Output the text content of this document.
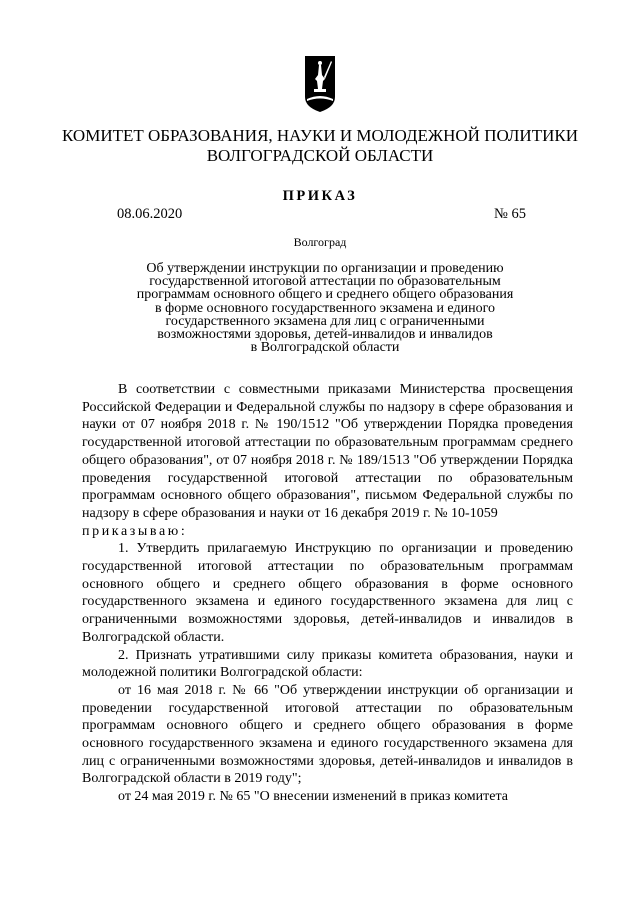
КОМИТЕТ ОБРАЗОВАНИЯ, НАУКИ И МОЛОДЕЖНОЙ ПОЛИТИКИ
ВОЛГОГРАДСКОЙ ОБЛАСТИ
ПРИКАЗ
08.06.2020	№ 65
Волгоград
Об утверждении инструкции по организации и проведению
государственной итоговой аттестации по образовательным
программам основного общего и среднего общего образования
в форме основного государственного экзамена и единого
государственного экзамена для лиц с ограниченными
возможностями здоровья, детей-инвалидов и инвалидов
в Волгоградской области

В соответствии с совместными приказами Министерства просвещения Российской Федерации и Федеральной службы по надзору в сфере образования и науки от 07 ноября 2018 г. № 190/1512 "Об утверждении Порядка проведения государственной итоговой аттестации по образовательным программам среднего общего образования", от 07 ноября 2018 г. № 189/1513 "Об утверждении Порядка проведения государственной итоговой аттестации по образовательным программам основного общего образования", письмом Федеральной службы по надзору в сфере образования и науки от 16 декабря 2019 г. № 10-1059

приказываю:

1. Утвердить прилагаемую Инструкцию по организации и проведению государственной итоговой аттестации по образовательным программам основного общего и среднего общего образования в форме основного государственного экзамена и единого государственного экзамена для лиц с ограниченными возможностями здоровья, детей-инвалидов и инвалидов в Волгоградской области.

2. Признать утратившими силу приказы комитета образования, науки и молодежной политики Волгоградской области:

от 16 мая 2018 г. № 66 "Об утверждении инструкции об организации и проведении государственной итоговой аттестации по образовательным программам основного общего и среднего общего образования в форме основного государственного экзамена и единого государственного экзамена для лиц с ограниченными возможностями здоровья, детей-инвалидов и инвалидов в Волгоградской области в 2019 году";

от 24 мая 2019 г. № 65 "О внесении изменений в приказ комитета
